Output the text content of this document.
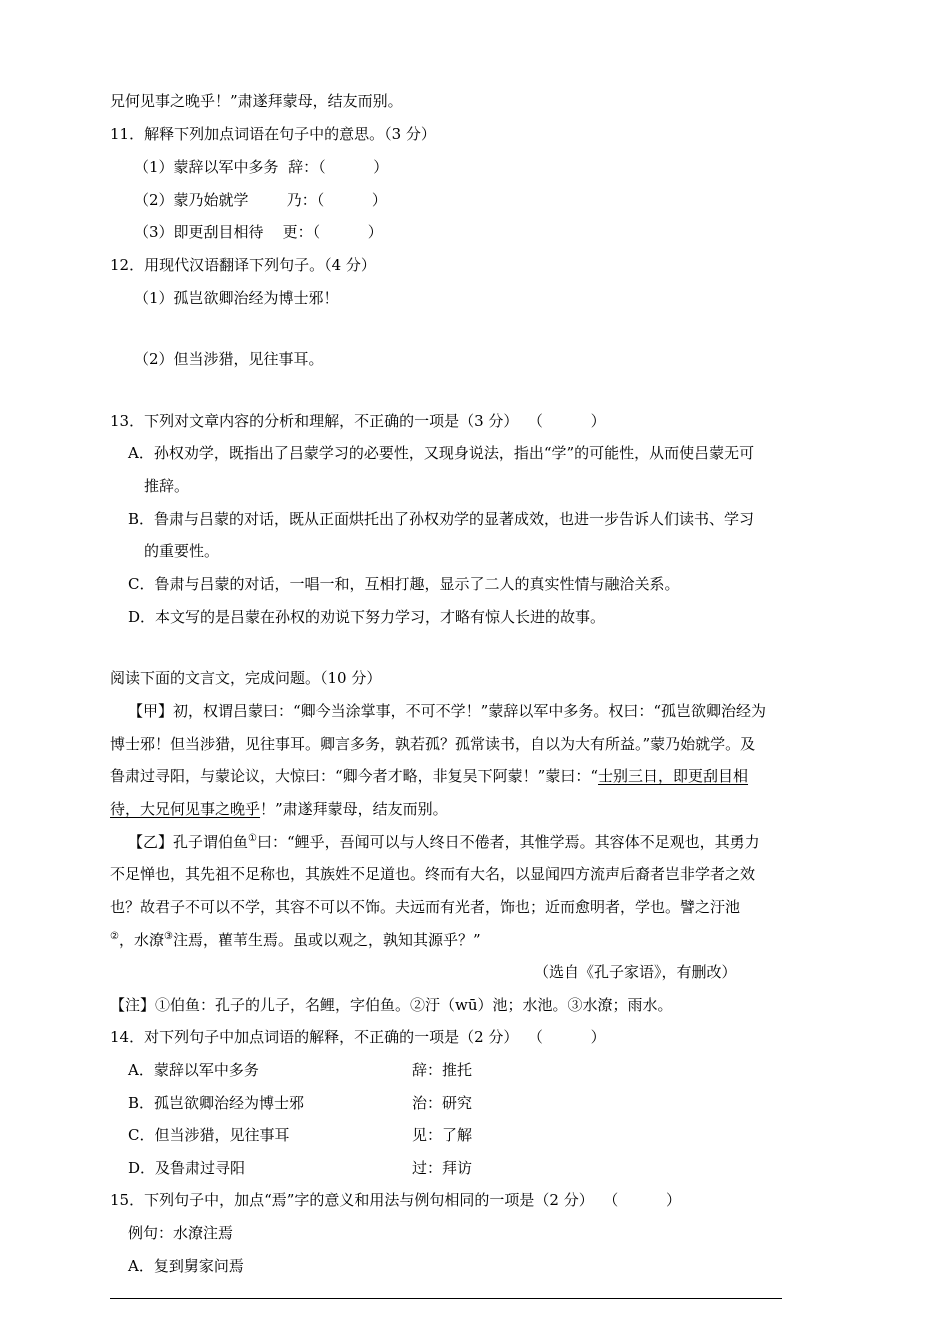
兄何见事之晚乎！”肃遂拜蒙母，结友而别。
11．解释下列加点词语在句子中的意思。（3 分）
（1）蒙辞以军中多务  辞：（          ）
（2）蒙乃始就学        乃：（          ）
（3）即更刮目相待    更：（          ）
12．用现代汉语翻译下列句子。（4 分）
（1）孤岂欲卿治经为博士邪！
（2）但当涉猎，见往事耳。
13．下列对文章内容的分析和理解，不正确的一项是（3 分）  （          ）
A．孙权劝学，既指出了吕蒙学习的必要性，又现身说法，指出“学”的可能性，从而使吕蒙无可
推辞。
B．鲁肃与吕蒙的对话，既从正面烘托出了孙权劝学的显著成效，也进一步告诉人们读书、学习
的重要性。
C．鲁肃与吕蒙的对话，一唱一和，互相打趣，显示了二人的真实性情与融洽关系。
D．本文写的是吕蒙在孙权的劝说下努力学习，才略有惊人长进的故事。
阅读下面的文言文，完成问题。（10 分）
【甲】初，权谓吕蒙曰：“卿今当涂掌事，不可不学！”蒙辞以军中多务。权曰：“孤岂欲卿治经为
博士邪！但当涉猎，见往事耳。卿言多务，孰若孤？孤常读书，自以为大有所益。”蒙乃始就学。及
鲁肃过寻阳，与蒙论议，大惊曰：“卿今者才略，非复吴下阿蒙！”蒙曰：“士别三日，即更刮目相
待，大兄何见事之晚乎！”肃遂拜蒙母，结友而别。
【乙】孔子谓伯鱼①曰：“鲤乎，吾闻可以与人终日不倦者，其惟学焉。其容体不足观也，其勇力
不足惮也，其先祖不足称也，其族姓不足道也。终而有大名，以显闻四方流声后裔者岂非学者之效
也？故君子不可以不学，其容不可以不饰。夫远而有光者，饰也；近而愈明者，学也。譬之汙池
②，水潦③注焉，雚苇生焉。虽或以观之，孰知其源乎？”
（选自《孔子家语》，有删改）
【注】①伯鱼：孔子的儿子，名鲤，字伯鱼。②汙（wū）池；水池。③水潦；雨水。
14．对下列句子中加点词语的解释，不正确的一项是（2 分）  （          ）
A．蒙辞以军中多务	辞：推托
B．孤岂欲卿治经为博士邪	治：研究
C．但当涉猎，见往事耳	见：了解
D．及鲁肃过寻阳	过：拜访
15．下列句子中，加点“焉”字的意义和用法与例句相同的一项是（2 分）  （          ）
例句：水潦注焉
A．复到舅家问焉
